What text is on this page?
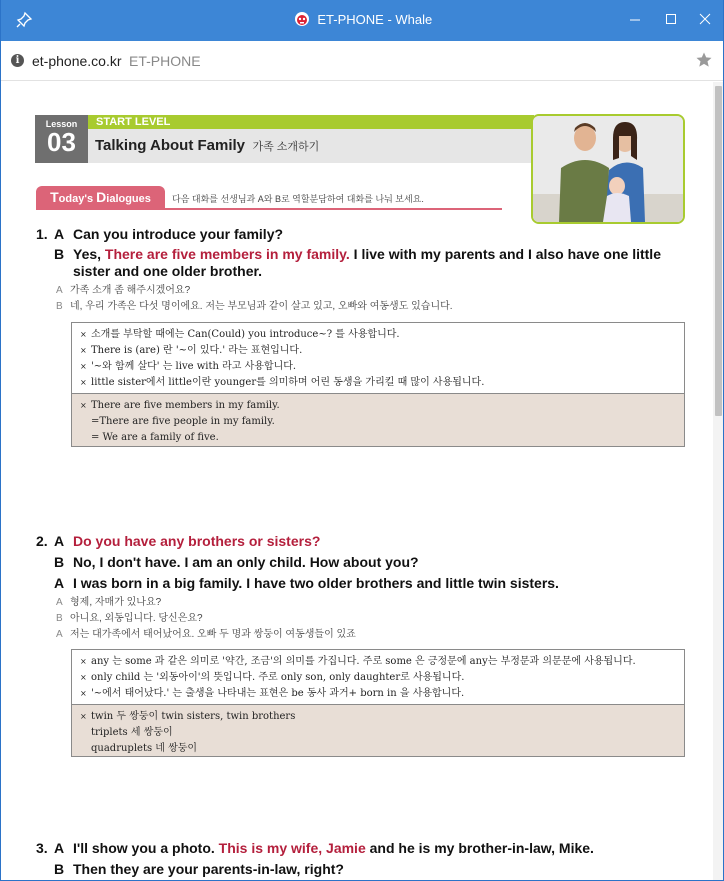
ET-PHONE - Whale
i et-phone.co.kr ET-PHONE
Lesson
03
START LEVEL
Talking About Family 가족 소개하기
Today's Dialogues	다음 대화를 선생님과 A와 B로 역할분담하여 대화를 나눠 보세요.
1. A Can you introduce your family?
B Yes, There are five members in my family. I live with my parents and I also have one little sister and one older brother.
A 가족 소개 좀 해주시겠어요?
B 네, 우리 가족은 다섯 명이에요. 저는 부모님과 같이 살고 있고, 오빠와 여동생도 있습니다.
× 소개를 부탁할 때에는 Can(Could) you introduce~? 를 사용합니다.
× There is (are) 란 '~이 있다.' 라는 표현입니다.
× '~와 함께 살다' 는 live with 라고 사용합니다.
× little sister에서 little이란 younger를 의미하며 어린 동생을 가리킬 때 많이 사용됩니다.
× There are five members in my family.
=There are five people in my family.
= We are a family of five.
2. A Do you have any brothers or sisters?
B No, I don't have. I am an only child. How about you?
A I was born in a big family. I have two older brothers and little twin sisters.
A 형제, 자매가 있나요?
B 아니요, 외동입니다. 당신은요?
A 저는 대가족에서 태어났어요. 오빠 두 명과 쌍둥이 여동생들이 있죠
× any 는 some 과 같은 의미로 '약간, 조금'의 의미를 가집니다. 주로 some 은 긍정문에 any는 부정문과 의문문에 사용됩니다.
× only child 는 '외동아이'의 뜻입니다. 주로 only son, only daughter로 사용됩니다.
× '~에서 태어났다.' 는 출생을 나타내는 표현은 be 동사 과거+ born in 을 사용합니다.
× twin 두 쌍둥이 twin sisters, twin brothers
triplets 세 쌍둥이
quadruplets 네 쌍둥이
3. A I'll show you a photo. This is my wife, Jamie and he is my brother-in-law, Mike.
B Then they are your parents-in-law, right?
